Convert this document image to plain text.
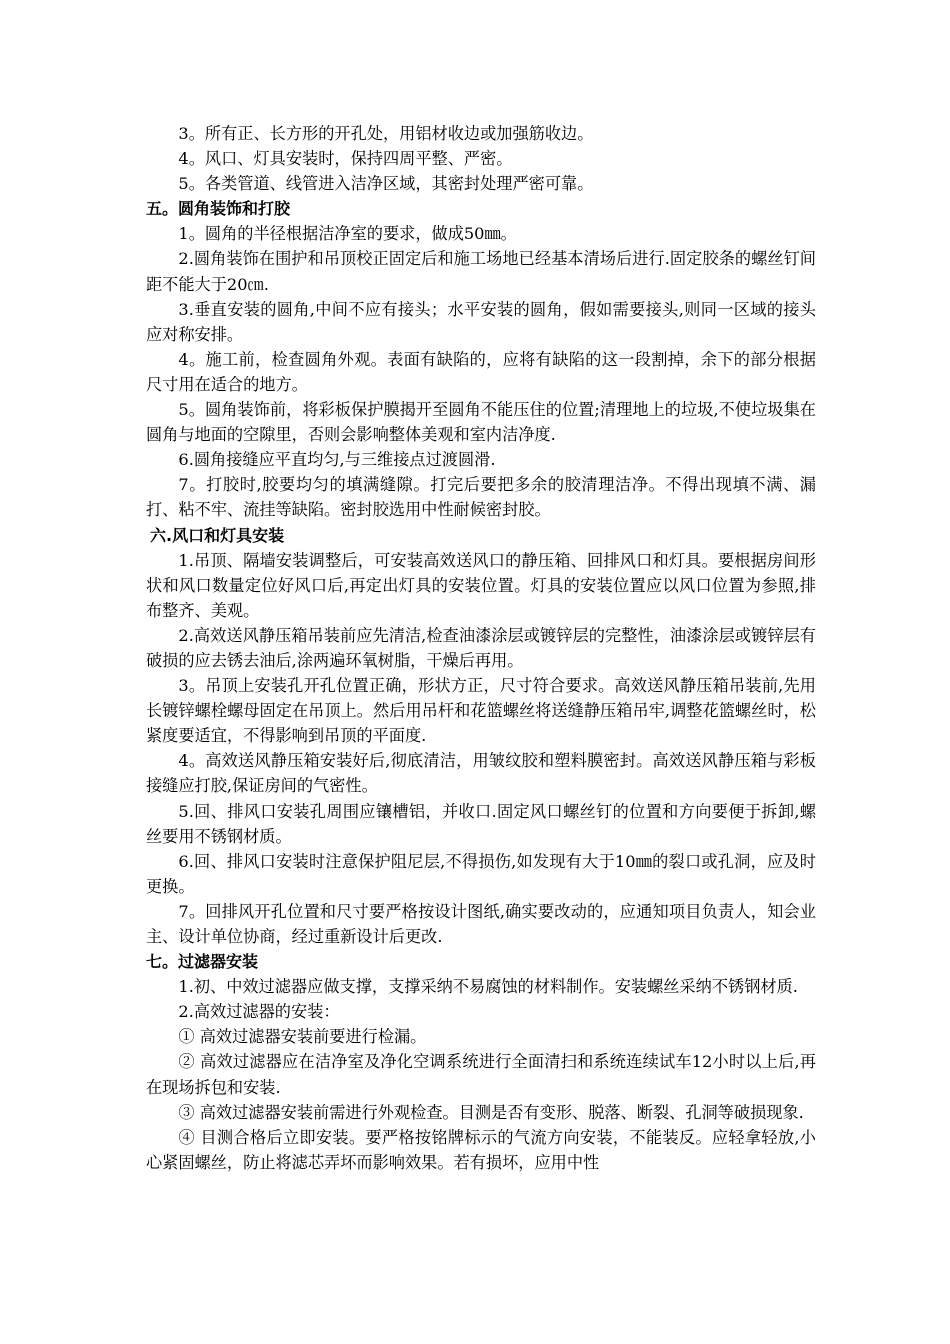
3。所有正、长方形的开孔处，用铝材收边或加强筋收边。

4。风口、灯具安装时，保持四周平整、严密。

5。各类管道、线管进入洁净区域，其密封处理严密可靠。

五。圆角装饰和打胶

1。圆角的半径根据洁净室的要求，做成50㎜。

2.圆角装饰在围护和吊顶校正固定后和施工场地已经基本清场后进行.固定胶条的螺丝钉间距不能大于20㎝.

3.垂直安装的圆角,中间不应有接头；水平安装的圆角，假如需要接头,则同一区域的接头应对称安排。

4。施工前，检查圆角外观。表面有缺陷的，应将有缺陷的这一段割掉，余下的部分根据尺寸用在适合的地方。

5。圆角装饰前，将彩板保护膜揭开至圆角不能压住的位置;清理地上的垃圾,不使垃圾集在圆角与地面的空隙里，否则会影响整体美观和室内洁净度.

6.圆角接缝应平直均匀,与三维接点过渡圆滑.

7。打胶时,胶要均匀的填满缝隙。打完后要把多余的胶清理洁净。不得出现填不满、漏打、粘不牢、流挂等缺陷。密封胶选用中性耐候密封胶。

六.风口和灯具安装

1.吊顶、隔墙安装调整后，可安装高效送风口的静压箱、回排风口和灯具。要根据房间形状和风口数量定位好风口后,再定出灯具的安装位置。灯具的安装位置应以风口位置为参照,排布整齐、美观。

2.高效送风静压箱吊装前应先清洁,检查油漆涂层或镀锌层的完整性，油漆涂层或镀锌层有破损的应去锈去油后,涂两遍环氧树脂，干燥后再用。

3。吊顶上安装孔开孔位置正确，形状方正，尺寸符合要求。高效送风静压箱吊装前,先用长镀锌螺栓螺母固定在吊顶上。然后用吊杆和花篮螺丝将送缝静压箱吊牢,调整花篮螺丝时，松紧度要适宜，不得影响到吊顶的平面度.

4。高效送风静压箱安装好后,彻底清洁，用皱纹胶和塑料膜密封。高效送风静压箱与彩板接缝应打胶,保证房间的气密性。

5.回、排风口安装孔周围应镶槽铝，并收口.固定风口螺丝钉的位置和方向要便于拆卸,螺丝要用不锈钢材质。

6.回、排风口安装时注意保护阻尼层,不得损伤,如发现有大于10㎜的裂口或孔洞，应及时更换。

7。回排风开孔位置和尺寸要严格按设计图纸,确实要改动的，应通知项目负责人，知会业主、设计单位协商，经过重新设计后更改.

七。过滤器安装

1.初、中效过滤器应做支撑，支撑采纳不易腐蚀的材料制作。安装螺丝采纳不锈钢材质.

2.高效过滤器的安装：

① 高效过滤器安装前要进行检漏。

② 高效过滤器应在洁净室及净化空调系统进行全面清扫和系统连续试车12小时以上后,再在现场拆包和安装.

③ 高效过滤器安装前需进行外观检查。目测是否有变形、脱落、断裂、孔洞等破损现象.

④ 目测合格后立即安装。要严格按铭牌标示的气流方向安装，不能装反。应轻拿轻放,小心紧固螺丝，防止将滤芯弄坏而影响效果。若有损坏，应用中性
